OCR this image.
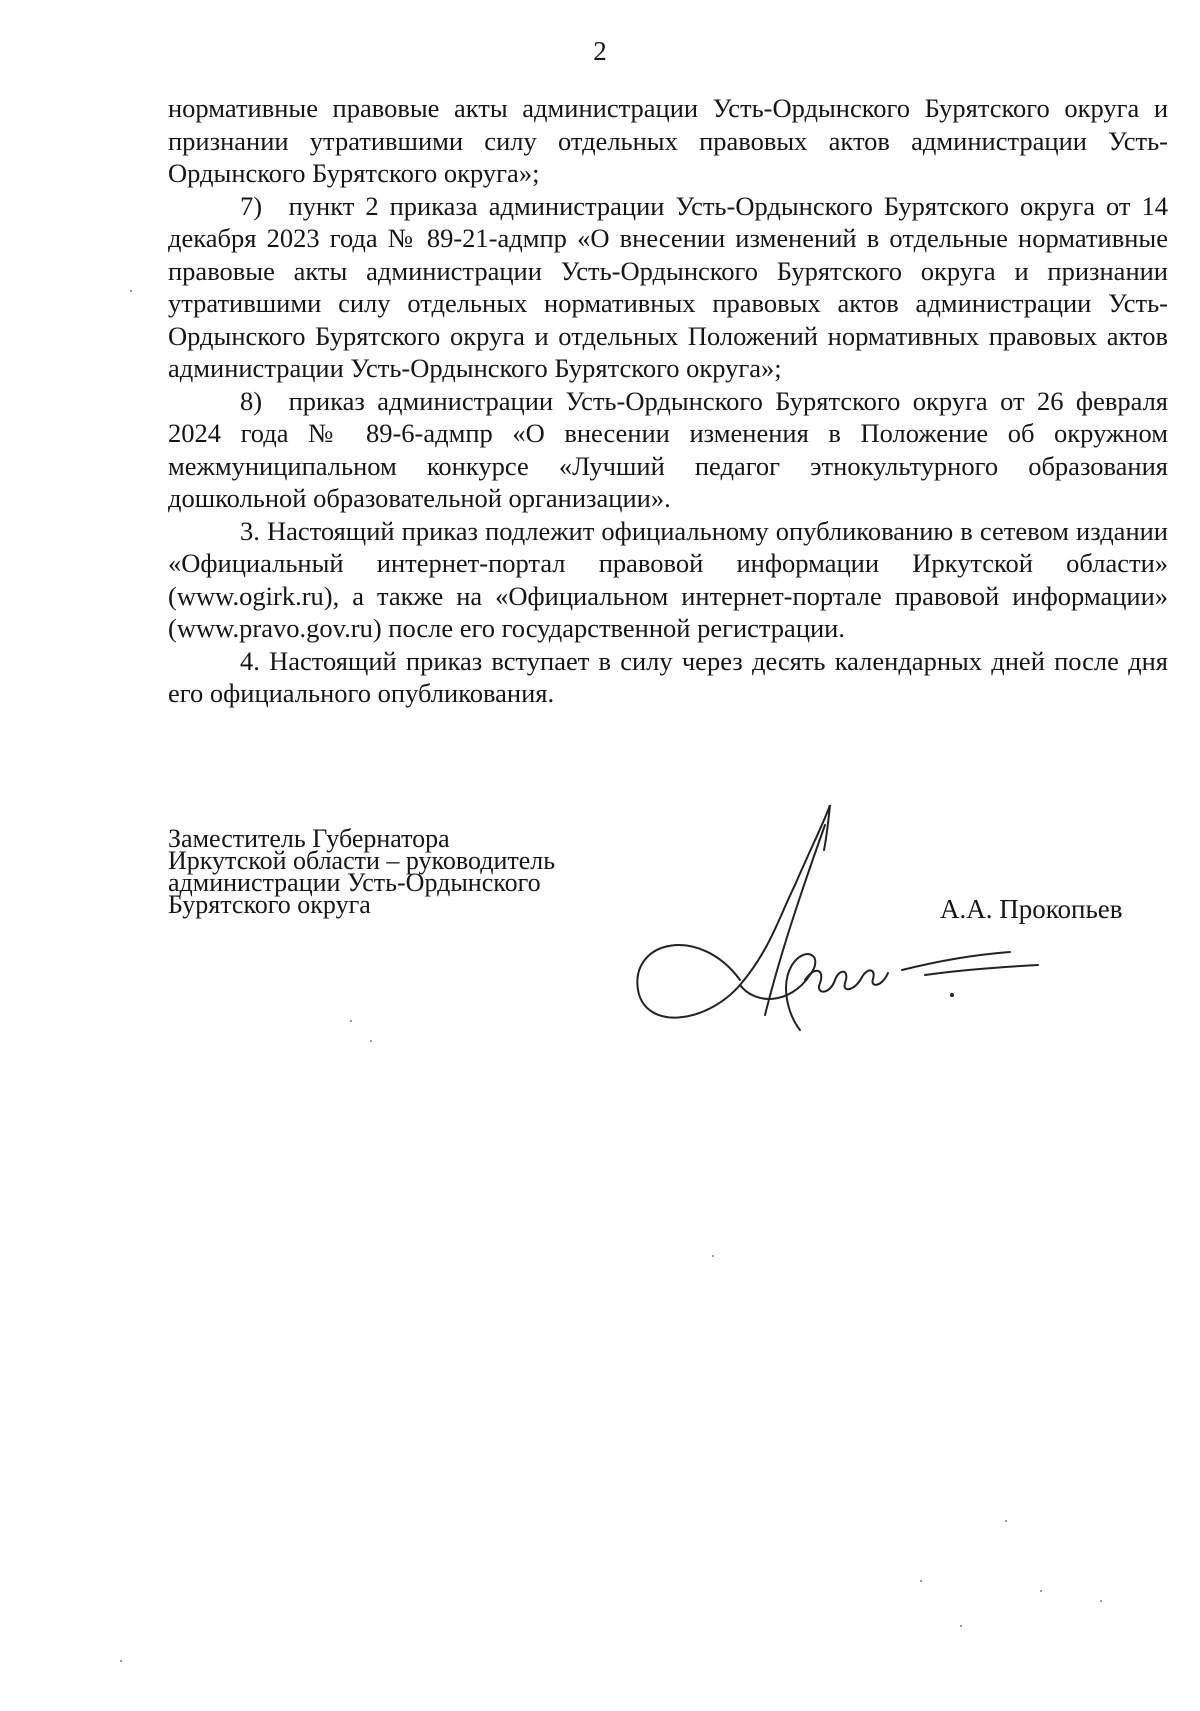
2

нормативные правовые акты администрации Усть-Ордынского Бурятского округа и признании утратившими силу отдельных правовых актов администрации Усть-Ордынского Бурятского округа»;

7) пункт 2 приказа администрации Усть-Ордынского Бурятского округа от 14 декабря 2023 года № 89-21-адмпр «О внесении изменений в отдельные нормативные правовые акты администрации Усть-Ордынского Бурятского округа и признании утратившими силу отдельных нормативных правовых актов администрации Усть-Ордынского Бурятского округа и отдельных Положений нормативных правовых актов администрации Усть-Ордынского Бурятского округа»;

8) приказ администрации Усть-Ордынского Бурятского округа от 26 февраля 2024 года № 89-6-адмпр «О внесении изменения в Положение об окружном межмуниципальном конкурсе «Лучший педагог этнокультурного образования дошкольной образовательной организации».

3. Настоящий приказ подлежит официальному опубликованию в сетевом издании «Официальный интернет-портал правовой информации Иркутской области» (www.ogirk.ru), а также на «Официальном интернет-портале правовой информации» (www.pravo.gov.ru) после его государственной регистрации.

4. Настоящий приказ вступает в силу через десять календарных дней после дня его официального опубликования.

Заместитель Губернатора
Иркутской области – руководитель
администрации Усть-Ордынского
Бурятского округа	А.А. Прокопьев
